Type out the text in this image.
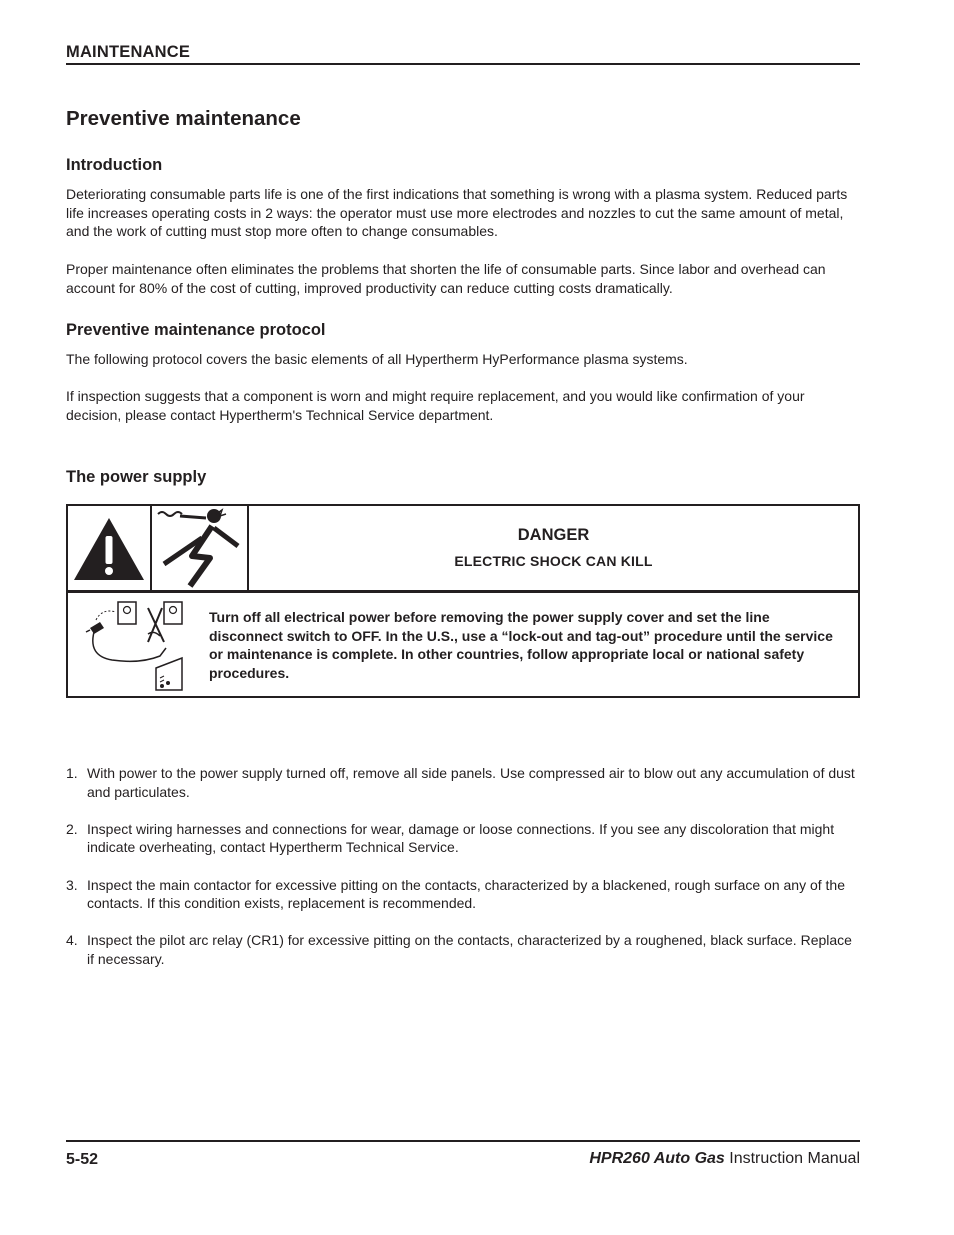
MAINTENANCE
Preventive maintenance
Introduction

Deteriorating consumable parts life is one of the first indications that something is wrong with a plasma system. Reduced parts life increases operating costs in 2 ways: the operator must use more electrodes and nozzles to cut the same amount of metal, and the work of cutting must stop more often to change consumables.

Proper maintenance often eliminates the problems that shorten the life of consumable parts. Since labor and overhead can account for 80% of the cost of cutting, improved productivity can reduce cutting costs dramatically.

Preventive maintenance protocol

The following protocol covers the basic elements of all Hypertherm HyPerformance plasma systems.

If inspection suggests that a component is worn and might require replacement, and you would like confirmation of your decision, please contact Hypertherm's Technical Service department.

The power supply
DANGER
ELECTRIC SHOCK CAN KILL
Turn off all electrical power before removing the power supply cover and set the line disconnect switch to OFF. In the U.S., use a “lock-out and tag-out” procedure until the service or maintenance is complete. In other countries, follow appropriate local or national safety procedures.
1. With power to the power supply turned off, remove all side panels. Use compressed air to blow out any accumulation of dust and particulates.
2. Inspect wiring harnesses and connections for wear, damage or loose connections. If you see any discoloration that might indicate overheating, contact Hypertherm Technical Service.
3. Inspect the main contactor for excessive pitting on the contacts, characterized by a blackened, rough surface on any of the contacts. If this condition exists, replacement is recommended.
4. Inspect the pilot arc relay (CR1) for excessive pitting on the contacts, characterized by a roughened, black surface. Replace if necessary.
5-52	HPR260 Auto Gas Instruction Manual
